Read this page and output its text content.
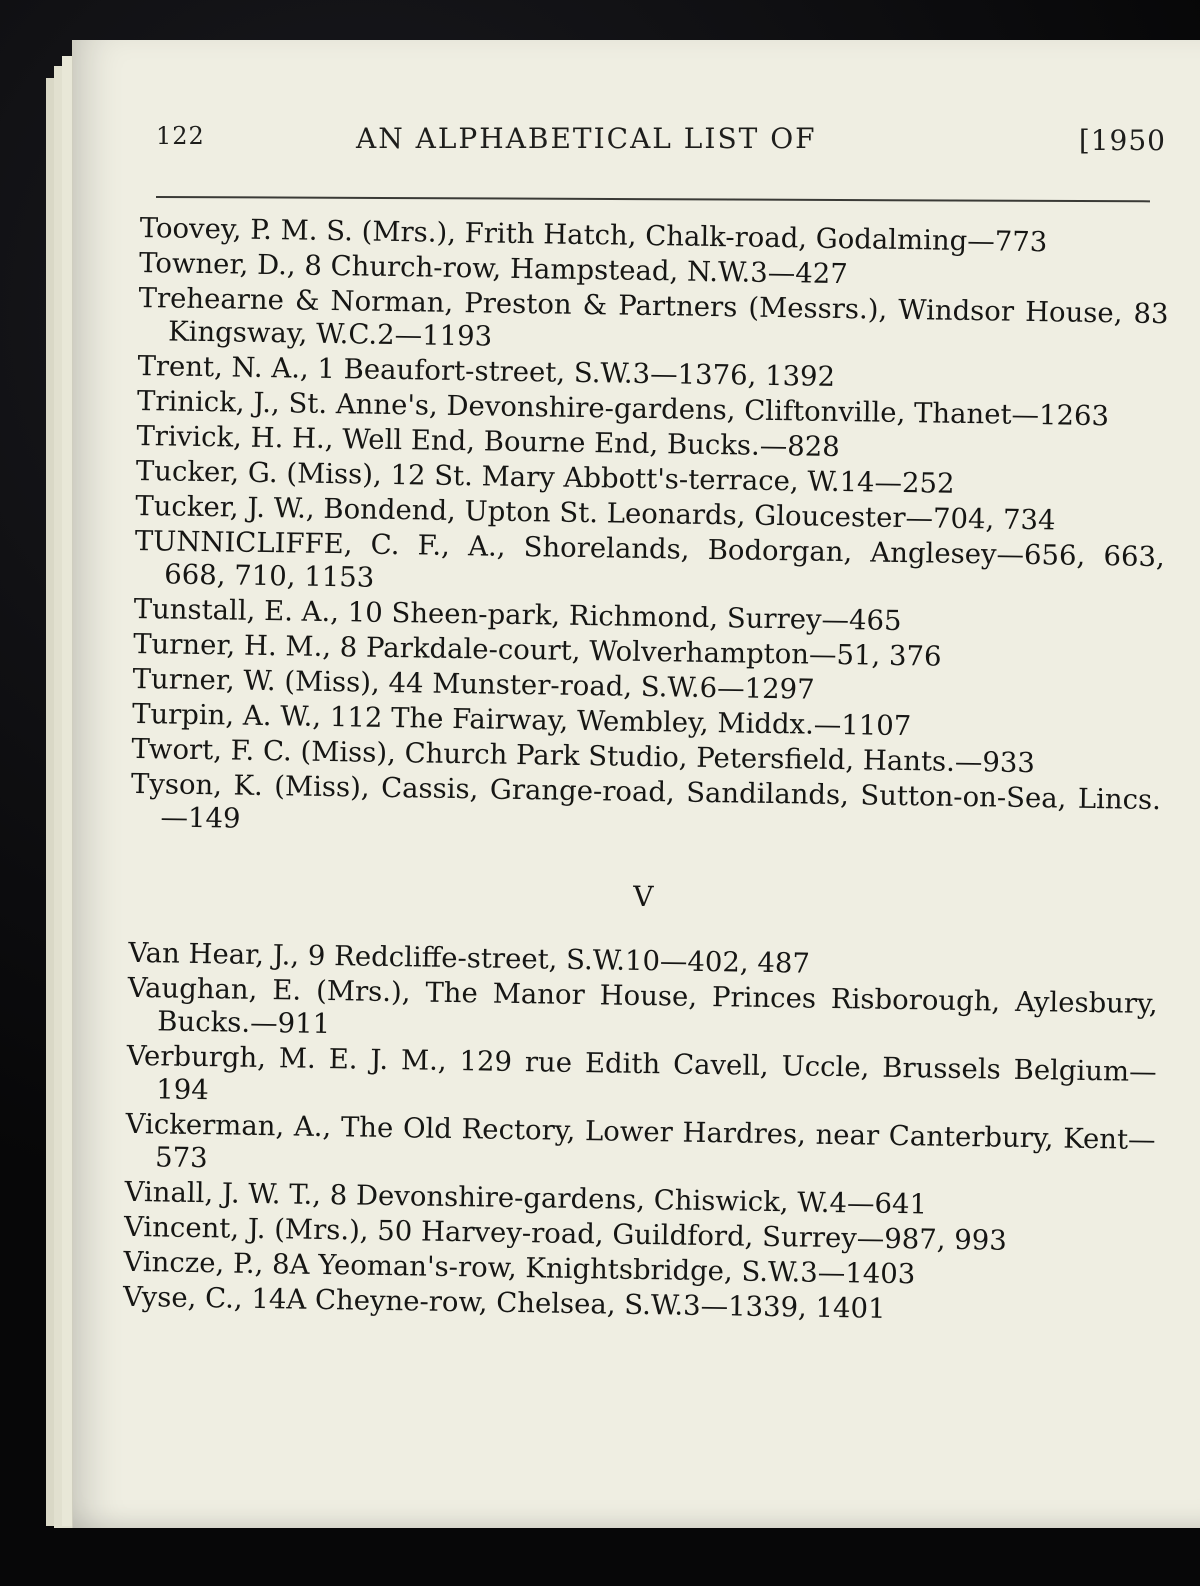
122	AN ALPHABETICAL LIST OF	[1950
Toovey, P. M. S. (Mrs.), Frith Hatch, Chalk-road, Godalming—773
Towner, D., 8 Church-row, Hampstead, N.W.3—427
Trehearne & Norman, Preston & Partners (Messrs.), Windsor House, 83 Kingsway, W.C.2—1193
Trent, N. A., 1 Beaufort-street, S.W.3—1376, 1392
Trinick, J., St. Anne's, Devonshire-gardens, Cliftonville, Thanet—1263
Trivick, H. H., Well End, Bourne End, Bucks.—828
Tucker, G. (Miss), 12 St. Mary Abbott's-terrace, W.14—252
Tucker, J. W., Bondend, Upton St. Leonards, Gloucester—704, 734
TUNNICLIFFE, C. F., A., Shorelands, Bodorgan, Anglesey—656, 663, 668, 710, 1153
Tunstall, E. A., 10 Sheen-park, Richmond, Surrey—465
Turner, H. M., 8 Parkdale-court, Wolverhampton—51, 376
Turner, W. (Miss), 44 Munster-road, S.W.6—1297
Turpin, A. W., 112 The Fairway, Wembley, Middx.—1107
Twort, F. C. (Miss), Church Park Studio, Petersfield, Hants.—933
Tyson, K. (Miss), Cassis, Grange-road, Sandilands, Sutton-on-Sea, Lincs.—149
V
Van Hear, J., 9 Redcliffe-street, S.W.10—402, 487
Vaughan, E. (Mrs.), The Manor House, Princes Risborough, Aylesbury, Bucks.—911
Verburgh, M. E. J. M., 129 rue Edith Cavell, Uccle, Brussels Belgium—194
Vickerman, A., The Old Rectory, Lower Hardres, near Canterbury, Kent—573
Vinall, J. W. T., 8 Devonshire-gardens, Chiswick, W.4—641
Vincent, J. (Mrs.), 50 Harvey-road, Guildford, Surrey—987, 993
Vincze, P., 8A Yeoman's-row, Knightsbridge, S.W.3—1403
Vyse, C., 14A Cheyne-row, Chelsea, S.W.3—1339, 1401
